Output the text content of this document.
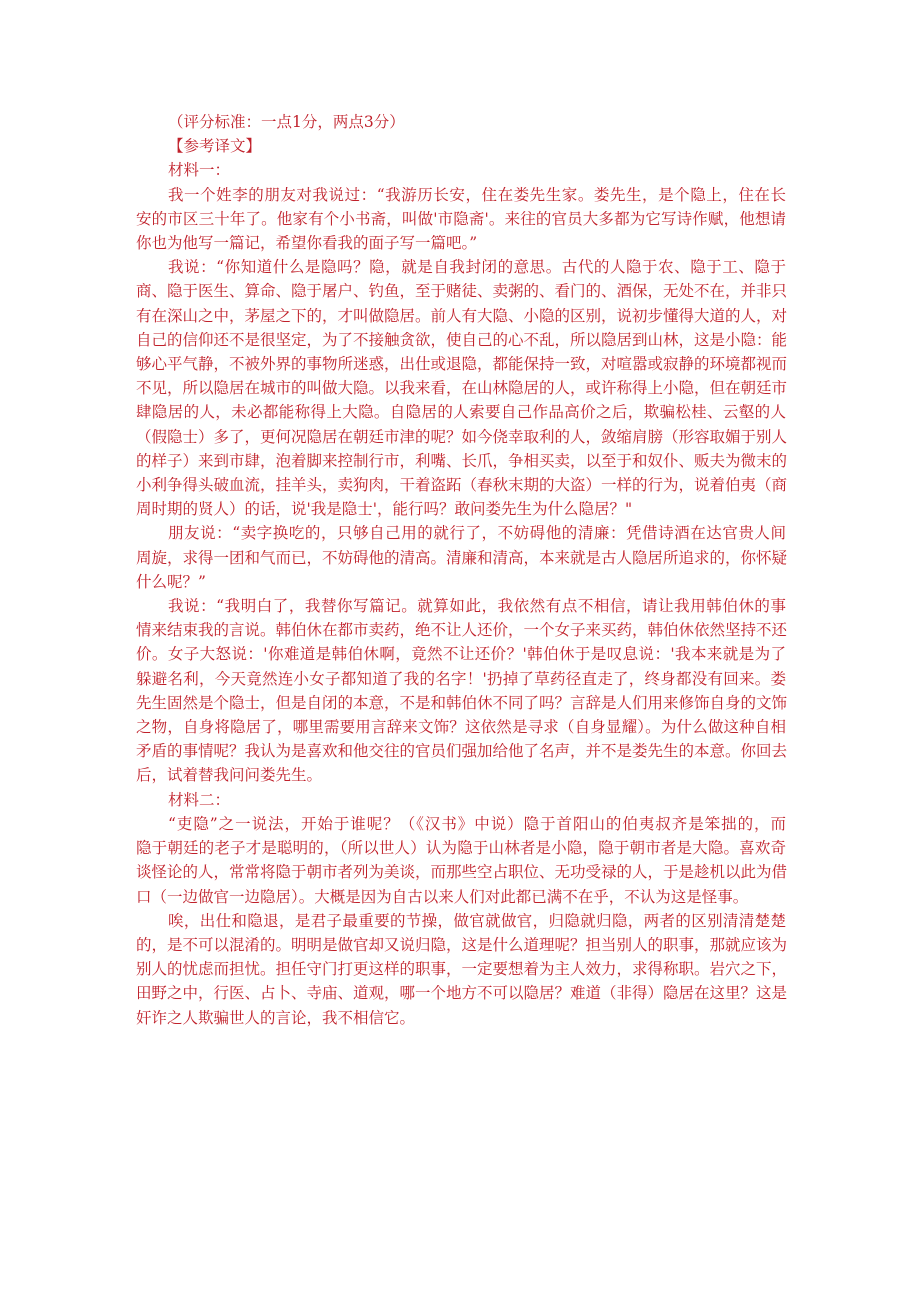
（评分标准：一点1分，两点3分）
【参考译文】
材料一：
我一个姓李的朋友对我说过：“我游历长安，住在娄先生家。娄先生，是个隐上，住在长
安的市区三十年了。他家有个小书斋，叫做'市隐斋'。来往的官员大多都为它写诗作赋，他想请
你也为他写一篇记，希望你看我的面子写一篇吧。”
我说：“你知道什么是隐吗？隐，就是自我封闭的意思。古代的人隐于农、隐于工、隐于
商、隐于医生、算命、隐于屠户、钓鱼，至于赌徒、卖粥的、看门的、酒保，无处不在，并非只
有在深山之中，茅屋之下的，才叫做隐居。前人有大隐、小隐的区别，说初步懂得大道的人，对
自己的信仰还不是很坚定，为了不接触贪欲，使自己的心不乱，所以隐居到山林，这是小隐：能
够心平气静，不被外界的事物所迷惑，出仕或退隐，都能保持一致，对喧嚣或寂静的环境都视而
不见，所以隐居在城市的叫做大隐。以我来看，在山林隐居的人，或许称得上小隐，但在朝廷市
肆隐居的人，未必都能称得上大隐。自隐居的人索要自己作品高价之后，欺骗松桂、云壑的人
（假隐士）多了，更何况隐居在朝廷市津的呢？如今侥幸取利的人，敛缩肩膀（形容取媚于别人
的样子）来到市肆，泡着脚来控制行市，利嘴、长爪，争相买卖，以至于和奴仆、贩夫为微末的
小利争得头破血流，挂羊头，卖狗肉，干着盗跖（春秋末期的大盗）一样的行为，说着伯夷（商
周时期的贤人）的话，说'我是隐士'，能行吗？敢问娄先生为什么隐居？"
朋友说：“卖字换吃的，只够自己用的就行了，不妨碍他的清廉：凭借诗酒在达官贵人间
周旋，求得一团和气而已，不妨碍他的清高。清廉和清高，本来就是古人隐居所追求的，你怀疑
什么呢？”
我说：“我明白了，我替你写篇记。就算如此，我依然有点不相信，请让我用韩伯休的事
情来结束我的言说。韩伯休在都市卖药，绝不让人还价，一个女子来买药，韩伯休依然坚持不还
价。女子大怒说：'你难道是韩伯休啊，竟然不让还价？'韩伯休于是叹息说：'我本来就是为了
躲避名利，今天竟然连小女子都知道了我的名字！'扔掉了草药径直走了，终身都没有回来。娄
先生固然是个隐士，但是自闭的本意，不是和韩伯休不同了吗？言辞是人们用来修饰自身的文饰
之物，自身将隐居了，哪里需要用言辞来文饰？这依然是寻求（自身显耀）。为什么做这种自相
矛盾的事情呢？我认为是喜欢和他交往的官员们强加给他了名声，并不是娄先生的本意。你回去
后，试着替我问问娄先生。
材料二：
“吏隐”之一说法，开始于谁呢？（《汉书》中说）隐于首阳山的伯夷叔齐是笨拙的，而
隐于朝廷的老子才是聪明的，（所以世人）认为隐于山林者是小隐，隐于朝市者是大隐。喜欢奇
谈怪论的人，常常将隐于朝市者列为美谈，而那些空占职位、无功受禄的人，于是趁机以此为借
口（一边做官一边隐居）。大概是因为自古以来人们对此都已满不在乎，不认为这是怪事。
唉，出仕和隐退，是君子最重要的节操，做官就做官，归隐就归隐，两者的区别清清楚楚
的，是不可以混淆的。明明是做官却又说归隐，这是什么道理呢？担当别人的职事，那就应该为
别人的忧虑而担忧。担任守门打更这样的职事，一定要想着为主人效力，求得称职。岩穴之下，
田野之中，行医、占卜、寺庙、道观，哪一个地方不可以隐居？难道（非得）隐居在这里？这是
奸诈之人欺骗世人的言论，我不相信它。
